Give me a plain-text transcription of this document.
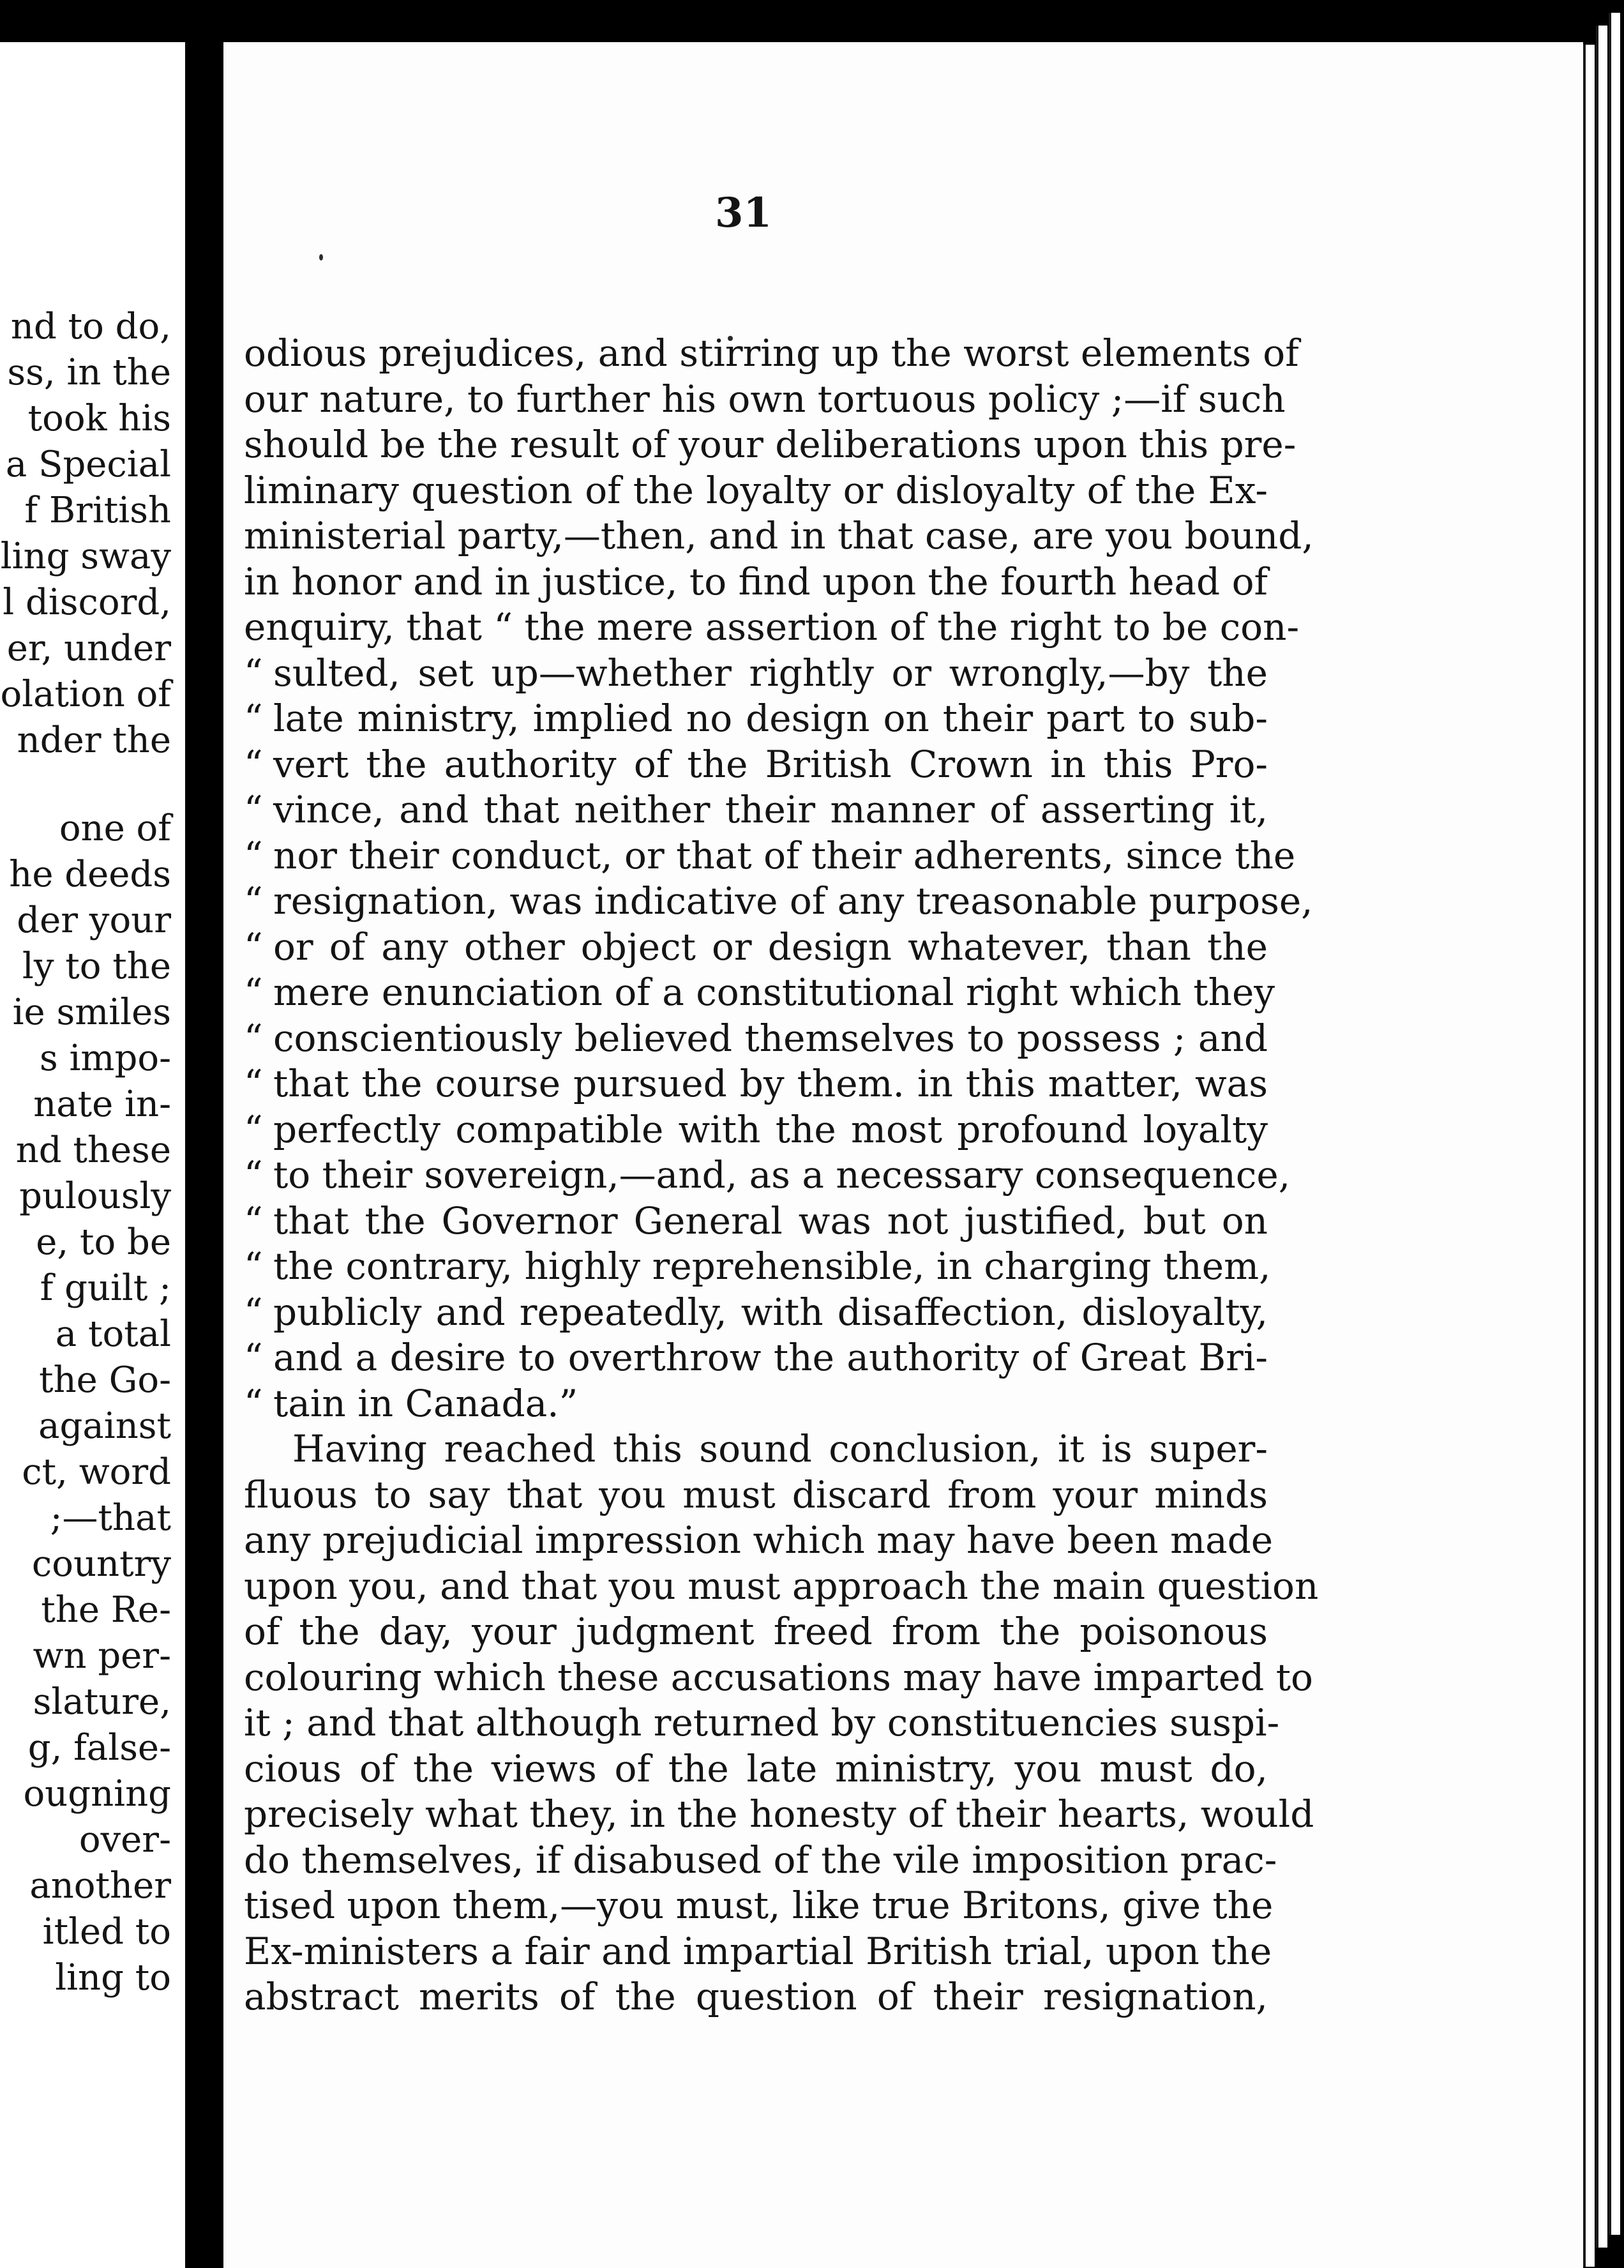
nd to do,

ss, in the

took his

a Special

f British

ling sway

l discord,

er, under

olation of

nder the

one of

he deeds

der your

ly to the

ie smiles

s impo-

nate in-

nd these

pulously

e, to be

f guilt ;

a total

the Go-

against

ct, word

;—that

country

the Re-

wn per-

slature,

g, false-

ougning

over-

another

itled to

ling to

31

odious prejudices, and stirring up the worst elements of

our nature, to further his own tortuous policy ;—if such

should be the result of your deliberations upon this pre-

liminary question of the loyalty or disloyalty of the Ex-

ministerial party,—then, and in that case, are you bound,

in honor and in justice, to find upon the fourth head of

enquiry, that “ the mere assertion of the right to be con-

“ sulted, set up—whether rightly or wrongly,—by the

“ late ministry, implied no design on their part to sub-

“ vert the authority of the British Crown in this Pro-

“ vince, and that neither their manner of asserting it,

“ nor their conduct, or that of their adherents, since the

“ resignation, was indicative of any treasonable purpose,

“ or of any other object or design whatever, than the

“ mere enunciation of a constitutional right which they

“ conscientiously believed themselves to possess ; and

“ that the course pursued by them. in this matter, was

“ perfectly compatible with the most profound loyalty

“ to their sovereign,—and, as a necessary consequence,

“ that the Governor General was not justified, but on

“ the contrary, highly reprehensible, in charging them,

“ publicly and repeatedly, with disaffection, disloyalty,

“ and a desire to overthrow the authority of Great Bri-

“ tain in Canada.”

Having reached this sound conclusion, it is super-

fluous to say that you must discard from your minds

any prejudicial impression which may have been made

upon you, and that you must approach the main question

of the day, your judgment freed from the poisonous

colouring which these accusations may have imparted to

it ; and that although returned by constituencies suspi-

cious of the views of the late ministry, you must do,

precisely what they, in the honesty of their hearts, would

do themselves, if disabused of the vile imposition prac-

tised upon them,—you must, like true Britons, give the

Ex-ministers a fair and impartial British trial, upon the

abstract merits of the question of their resignation,
